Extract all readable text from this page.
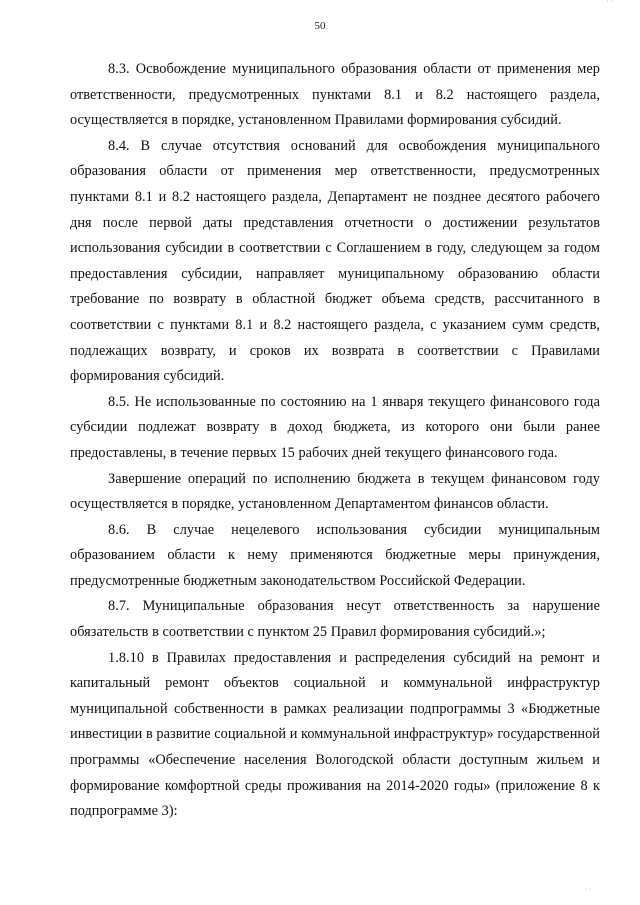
˙ ˙
50

8.3. Освобождение муниципального образования области от применения мер ответственности, предусмотренных пунктами 8.1 и 8.2 настоящего раздела, осуществляется в порядке, установленном Правилами формирования субсидий.

8.4. В случае отсутствия оснований для освобождения муниципального образования области от применения мер ответственности, предусмотренных пунктами 8.1 и 8.2 настоящего раздела, Департамент не позднее десятого рабочего дня после первой даты представления отчетности о достижении результатов использования субсидии в соответствии с Соглашением в году, следующем за годом предоставления субсидии, направляет муниципальному образованию области требование по возврату в областной бюджет объема средств, рассчитанного в соответствии с пунктами 8.1 и 8.2 настоящего раздела, с указанием сумм средств, подлежащих возврату, и сроков их возврата в соответствии с Правилами формирования субсидий.

8.5. Не использованные по состоянию на 1 января текущего финансового года субсидии подлежат возврату в доход бюджета, из которого они были ранее предоставлены, в течение первых 15 рабочих дней текущего финансового года.

Завершение операций по исполнению бюджета в текущем финансовом году осуществляется в порядке, установленном Департаментом финансов области.

8.6. В случае нецелевого использования субсидии муниципальным образованием области к нему применяются бюджетные меры принуждения, предусмотренные бюджетным законодательством Российской Федерации.

8.7. Муниципальные образования несут ответственность за нарушение обязательств в соответствии с пунктом 25 Правил формирования субсидий.»;

1.8.10 в Правилах предоставления и распределения субсидий на ремонт и капитальный ремонт объектов социальной и коммунальной инфраструктур муниципальной собственности в рамках реализации подпрограммы 3 «Бюджетные инвестиции в развитие социальной и коммунальной инфраструктур» государственной программы «Обеспечение населения Вологодской области доступным жильем и формирование комфортной среды проживания на 2014-2020 годы» (приложение 8 к подпрограмме 3):

˙ ˙
